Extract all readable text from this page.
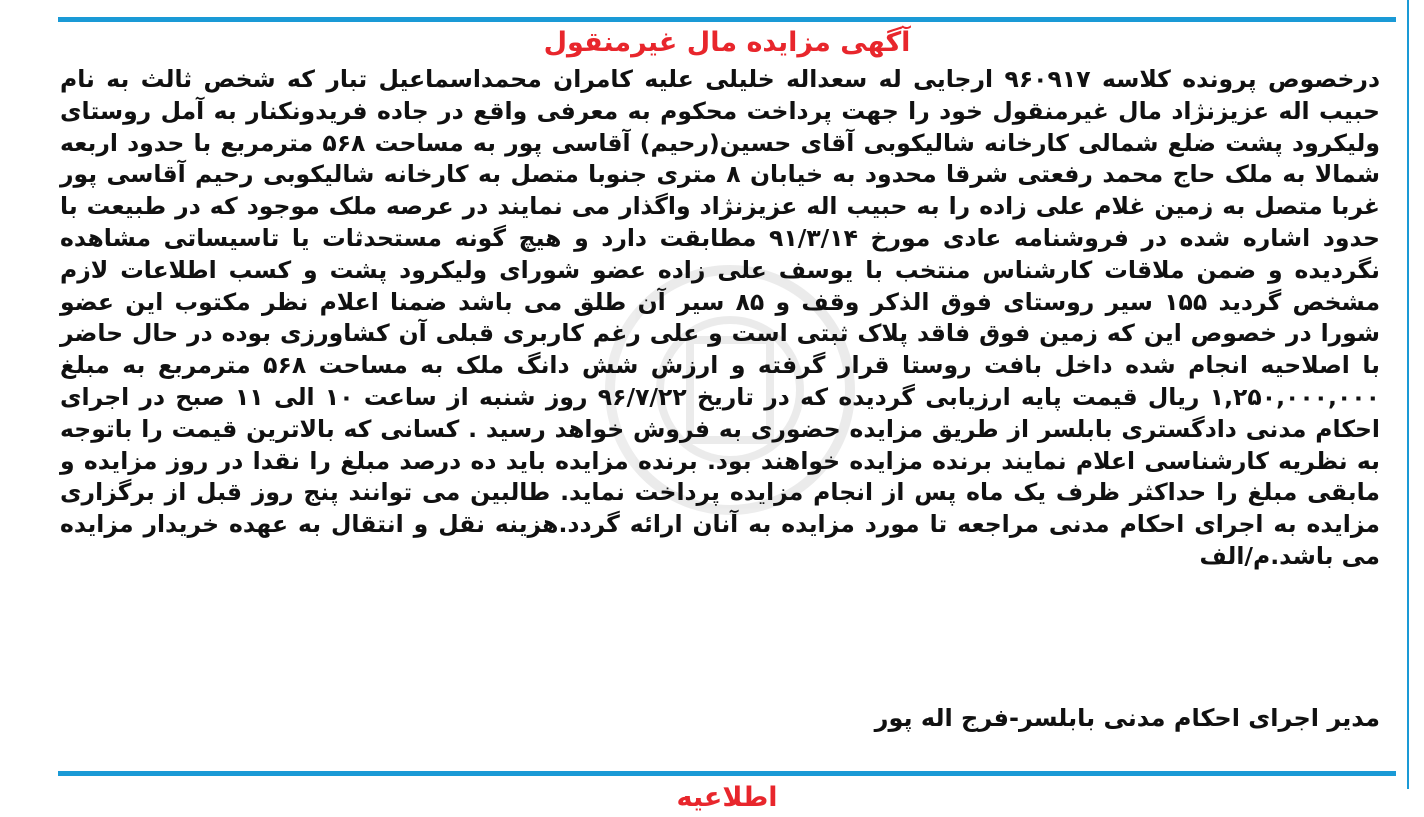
آگهی مزایده مال غیرمنقول
درخصوص پرونده کلاسه ۹۶۰۹۱۷ ارجایی له سعداله خلیلی علیه کامران محمداسماعیل تبار که شخص ثالث به نام حبیب اله عزیزنژاد مال غیرمنقول خود را جهت پرداخت محکوم به معرفی واقع در جاده فریدونکنار به آمل روستای ولیکرود پشت ضلع شمالی کارخانه شالیکوبی آقای حسین(رحیم) آقاسی پور به مساحت ۵۶۸ مترمربع با حدود اربعه شمالا به ملک حاج محمد رفعتی شرقا محدود به خیابان ۸ متری جنوبا متصل به کارخانه شالیکوبی رحیم آقاسی پور غربا متصل به زمین غلام علی زاده را به حبیب اله عزیزنژاد واگذار می نمایند در عرصه ملک موجود که در طبیعت با حدود اشاره شده در فروشنامه عادی مورخ ۹۱/۳/۱۴ مطابقت دارد و هیچ گونه مستحدثات یا تاسیساتی مشاهده نگردیده و ضمن ملاقات کارشناس منتخب با یوسف علی زاده عضو شورای ولیکرود پشت و کسب اطلاعات لازم مشخص گردید ۱۵۵ سیر روستای فوق الذکر وقف و ۸۵ سیر آن طلق می باشد ضمنا اعلام نظر مکتوب این عضو شورا در خصوص این که زمین فوق فاقد پلاک ثبتی است و علی رغم کاربری قبلی آن کشاورزی بوده در حال حاضر با اصلاحیه انجام شده داخل بافت روستا قرار گرفته و ارزش شش دانگ ملک به مساحت ۵۶۸ مترمربع به مبلغ ۱,۲۵۰,۰۰۰,۰۰۰ ریال قیمت پایه ارزیابی گردیده که در تاریخ ۹۶/۷/۲۲ روز شنبه از ساعت ۱۰ الی ۱۱ صبح در اجرای احکام مدنی دادگستری بابلسر از طریق مزایده حضوری به فروش خواهد رسید . کسانی که بالاترین قیمت را باتوجه به نظریه کارشناسی اعلام نمایند برنده مزایده خواهند بود. برنده مزایده باید ده درصد مبلغ را نقدا در روز مزایده و مابقی مبلغ را حداکثر ظرف یک ماه پس از انجام مزایده پرداخت نماید. طالبین می توانند پنج روز قبل از برگزاری مزایده به اجرای احکام مدنی مراجعه تا مورد مزایده به آنان ارائه گردد.هزینه نقل و انتقال به عهده خریدار مزایده می باشد.م/الف
مدیر اجرای احکام مدنی بابلسر-فرج اله پور
اطلاعیه
